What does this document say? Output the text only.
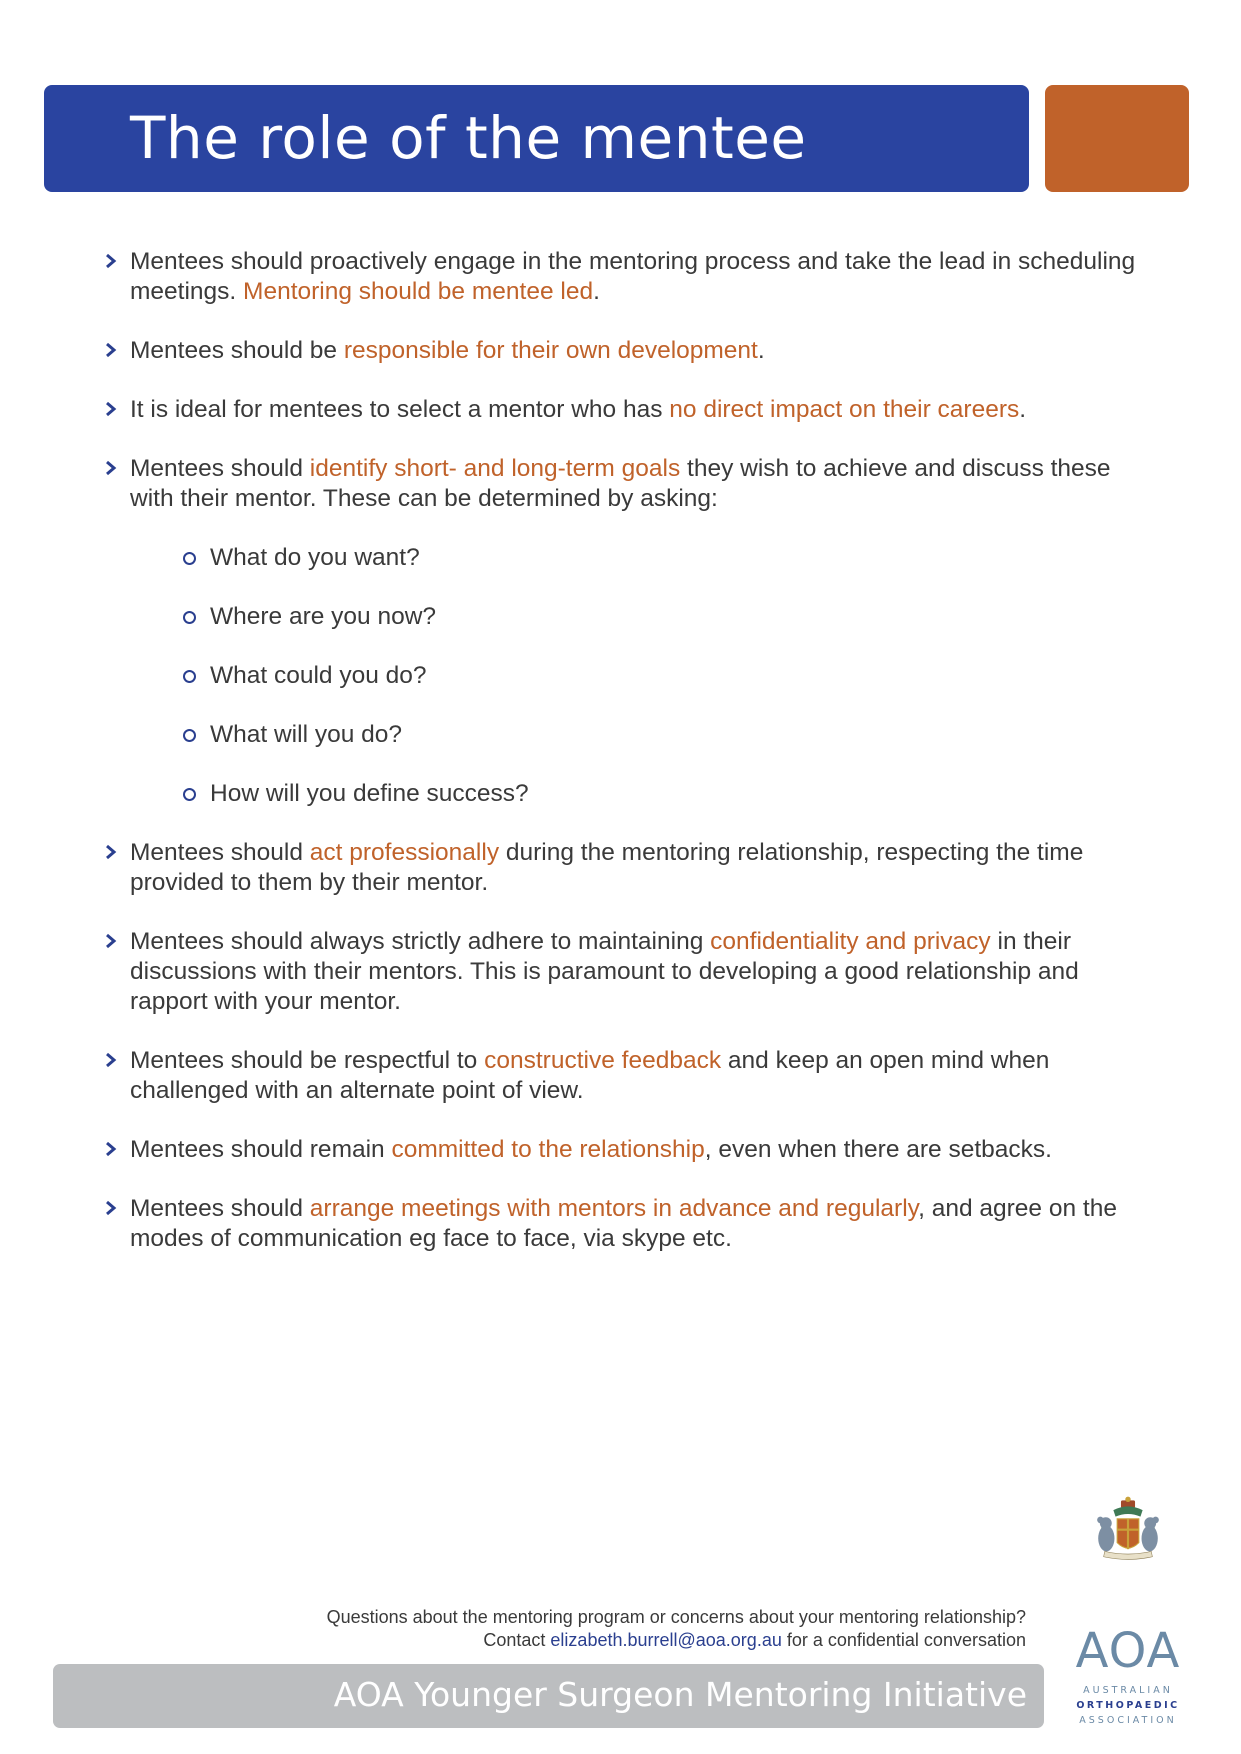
The role of the mentee
Mentees should proactively engage in the mentoring process and take the lead in scheduling meetings. Mentoring should be mentee led.
Mentees should be responsible for their own development.
It is ideal for mentees to select a mentor who has no direct impact on their careers.
Mentees should identify short- and long-term goals they wish to achieve and discuss these with their mentor. These can be determined by asking:
What do you want?
Where are you now?
What could you do?
What will you do?
How will you define success?
Mentees should act professionally during the mentoring relationship, respecting the time provided to them by their mentor.
Mentees should always strictly adhere to maintaining confidentiality and privacy in their discussions with their mentors. This is paramount to developing a good relationship and rapport with your mentor.
Mentees should be respectful to constructive feedback and keep an open mind when challenged with an alternate point of view.
Mentees should remain committed to the relationship, even when there are setbacks.
Mentees should arrange meetings with mentors in advance and regularly, and agree on the modes of communication eg face to face, via skype etc.
Questions about the mentoring program or concerns about your mentoring relationship?
Contact elizabeth.burrell@aoa.org.au for a confidential conversation
AOA Younger Surgeon Mentoring Initiative
AOA
AUSTRALIAN
ORTHOPAEDIC
ASSOCIATION
